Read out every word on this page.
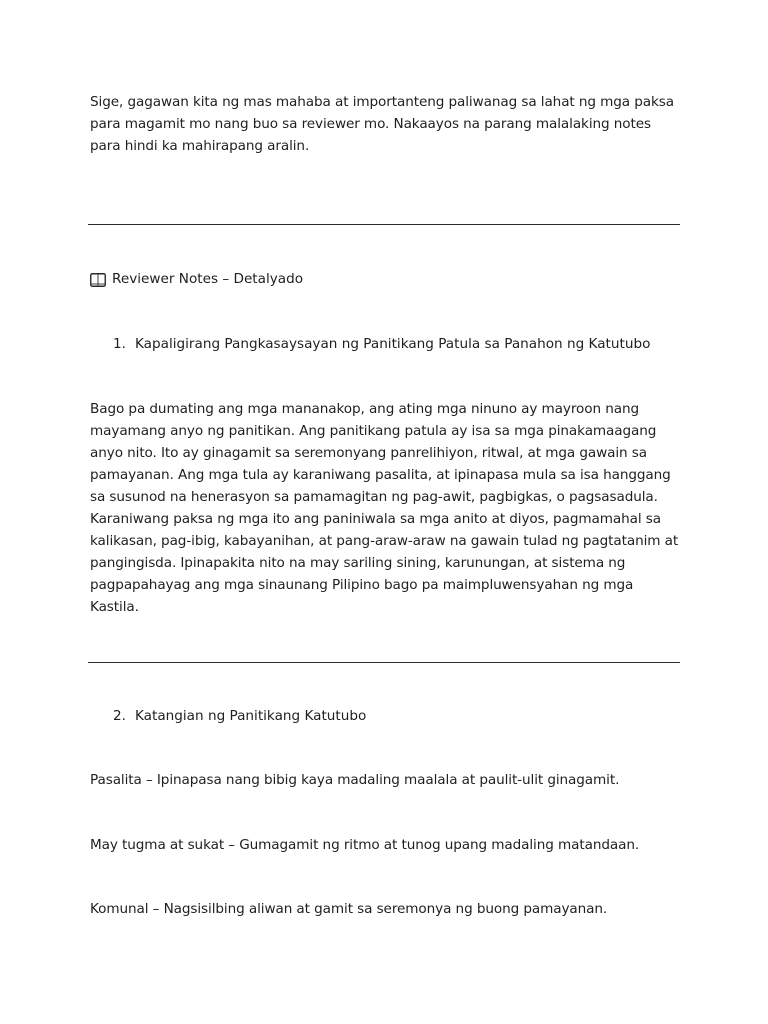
Sige, gagawan kita ng mas mahaba at importanteng paliwanag sa lahat ng mga paksa para magamit mo nang buo sa reviewer mo. Nakaayos na parang malalaking notes para hindi ka mahirapang aralin.

Reviewer Notes – Detalyado
1. Kapaligirang Pangkasaysayan ng Panitikang Patula sa Panahon ng Katutubo

Bago pa dumating ang mga mananakop, ang ating mga ninuno ay mayroon nang mayamang anyo ng panitikan. Ang panitikang patula ay isa sa mga pinakamaagang anyo nito. Ito ay ginagamit sa seremonyang panrelihiyon, ritwal, at mga gawain sa pamayanan. Ang mga tula ay karaniwang pasalita, at ipinapasa mula sa isa hanggang sa susunod na henerasyon sa pamamagitan ng pag-awit, pagbigkas, o pagsasadula. Karaniwang paksa ng mga ito ang paniniwala sa mga anito at diyos, pagmamahal sa kalikasan, pag-ibig, kabayanihan, at pang-araw-araw na gawain tulad ng pagtatanim at pangingisda. Ipinapakita nito na may sariling sining, karunungan, at sistema ng pagpapahayag ang mga sinaunang Pilipino bago pa maimpluwensyahan ng mga Kastila.

2. Katangian ng Panitikang Katutubo

Pasalita – Ipinapasa nang bibig kaya madaling maalala at paulit-ulit ginagamit.

May tugma at sukat – Gumagamit ng ritmo at tunog upang madaling matandaan.

Komunal – Nagsisilbing aliwan at gamit sa seremonya ng buong pamayanan.
